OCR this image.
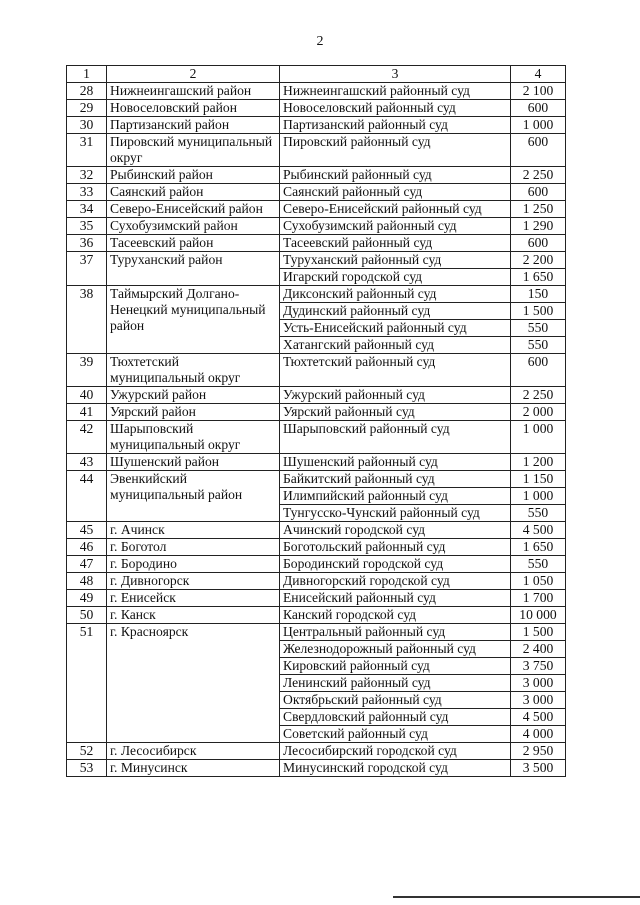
2
1	2	3	4
28	Нижнеингашский район	Нижнеингашский районный суд	2 100
29	Новоселовский район	Новоселовский районный суд	600
30	Партизанский район	Партизанский районный суд	1 000
31	Пировский муниципальный округ	Пировский районный суд	600
32	Рыбинский район	Рыбинский районный суд	2 250
33	Саянский район	Саянский районный суд	600
34	Северо-Енисейский район	Северо-Енисейский районный суд	1 250
35	Сухобузимский район	Сухобузимский районный суд	1 290
36	Тасеевский район	Тасеевский районный суд	600
37	Туруханский район	Туруханский районный суд	2 200
		Игарский городской суд	1 650
38	Таймырский Долгано-Ненецкий муниципальный район	Диксонский районный суд	150
		Дудинский районный суд	1 500
		Усть-Енисейский районный суд	550
		Хатангский районный суд	550
39	Тюхтетский муниципальный округ	Тюхтетский районный суд	600
40	Ужурский район	Ужурский районный суд	2 250
41	Уярский район	Уярский районный суд	2 000
42	Шарыповский муниципальный округ	Шарыповский районный суд	1 000
43	Шушенский район	Шушенский районный суд	1 200
44	Эвенкийский муниципальный район	Байкитский районный суд	1 150
		Илимпийский районный суд	1 000
		Тунгусско-Чунский районный суд	550
45	г. Ачинск	Ачинский городской суд	4 500
46	г. Боготол	Боготольский районный суд	1 650
47	г. Бородино	Бородинский городской суд	550
48	г. Дивногорск	Дивногорский городской суд	1 050
49	г. Енисейск	Енисейский районный суд	1 700
50	г. Канск	Канский городской суд	10 000
51	г. Красноярск	Центральный районный суд	1 500
		Железнодорожный районный суд	2 400
		Кировский районный суд	3 750
		Ленинский районный суд	3 000
		Октябрьский районный суд	3 000
		Свердловский районный суд	4 500
		Советский районный суд	4 000
52	г. Лесосибирск	Лесосибирский городской суд	2 950
53	г. Минусинск	Минусинский городской суд	3 500
